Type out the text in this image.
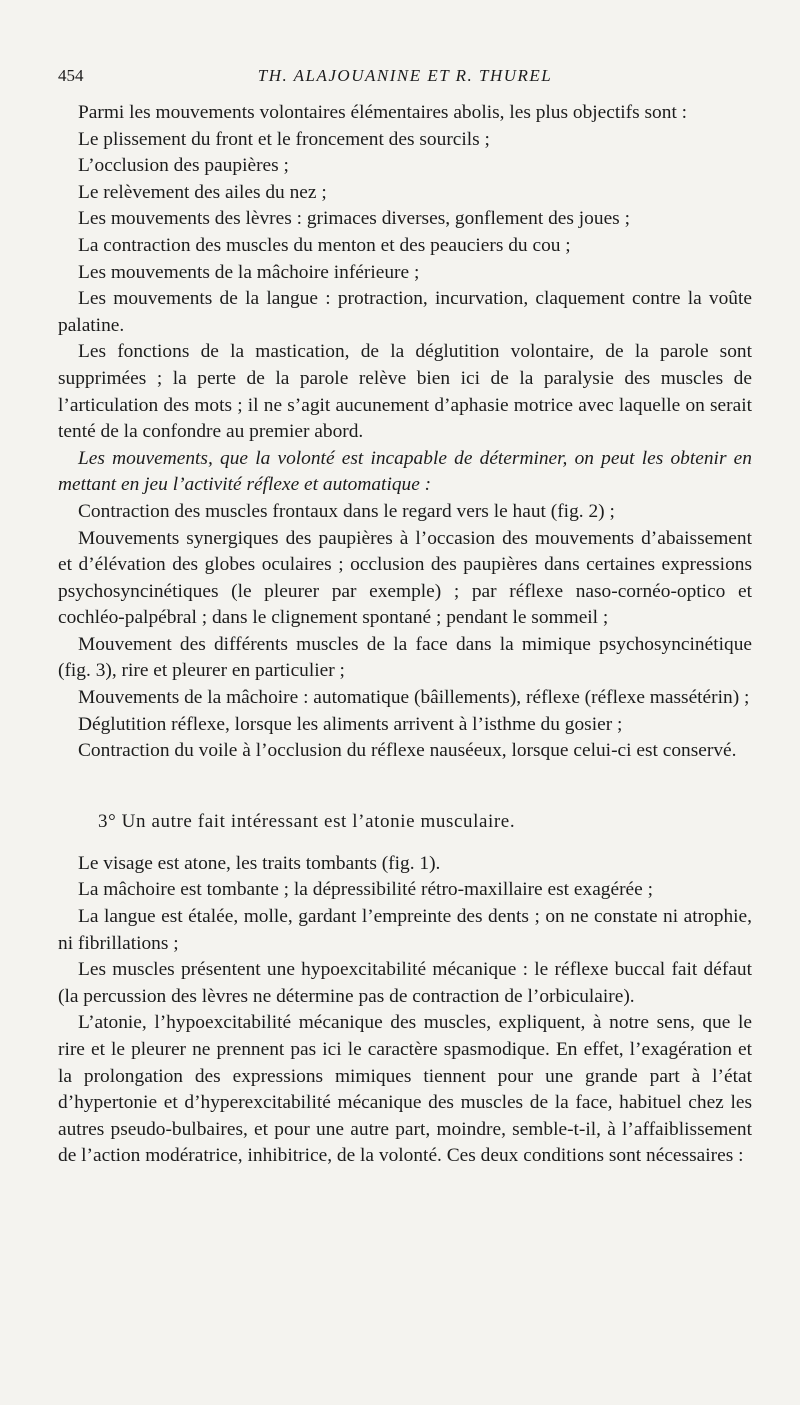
454	TH. ALAJOUANINE ET R. THUREL

Parmi les mouvements volontaires élémentaires abolis, les plus objectifs sont :

Le plissement du front et le froncement des sourcils ;

L’occlusion des paupières ;

Le relèvement des ailes du nez ;

Les mouvements des lèvres : grimaces diverses, gonflement des joues ;

La contraction des muscles du menton et des peauciers du cou ;

Les mouvements de la mâchoire inférieure ;

Les mouvements de la langue : protraction, incurvation, claquement contre la voûte palatine.

Les fonctions de la mastication, de la déglutition volontaire, de la parole sont supprimées ; la perte de la parole relève bien ici de la paralysie des muscles de l’articulation des mots ; il ne s’agit aucunement d’aphasie motrice avec laquelle on serait tenté de la confondre au premier abord.

Les mouvements, que la volonté est incapable de déterminer, on peut les obtenir en mettant en jeu l’activité réflexe et automatique :

Contraction des muscles frontaux dans le regard vers le haut (fig. 2) ;

Mouvements synergiques des paupières à l’occasion des mouvements d’abaissement et d’élévation des globes oculaires ; occlusion des paupières dans certaines expressions psychosyncinétiques (le pleurer par exemple) ; par réflexe naso-cornéo-optico et cochléo-palpébral ; dans le clignement spontané ; pendant le sommeil ;

Mouvement des différents muscles de la face dans la mimique psychosyncinétique (fig. 3), rire et pleurer en particulier ;

Mouvements de la mâchoire : automatique (bâillements), réflexe (réflexe massétérin) ;

Déglutition réflexe, lorsque les aliments arrivent à l’isthme du gosier ;

Contraction du voile à l’occlusion du réflexe nauséeux, lorsque celui-ci est conservé.

3° Un autre fait intéressant est l’atonie musculaire.

Le visage est atone, les traits tombants (fig. 1).

La mâchoire est tombante ; la dépressibilité rétro-maxillaire est exagérée ;

La langue est étalée, molle, gardant l’empreinte des dents ; on ne constate ni atrophie, ni fibrillations ;

Les muscles présentent une hypoexcitabilité mécanique : le réflexe buccal fait défaut (la percussion des lèvres ne détermine pas de contraction de l’orbiculaire).

L’atonie, l’hypoexcitabilité mécanique des muscles, expliquent, à notre sens, que le rire et le pleurer ne prennent pas ici le caractère spasmodique. En effet, l’exagération et la prolongation des expressions mimiques tiennent pour une grande part à l’état d’hypertonie et d’hyperexcitabilité mécanique des muscles de la face, habituel chez les autres pseudo-bulbaires, et pour une autre part, moindre, semble-t-il, à l’affaiblissement de l’action modératrice, inhibitrice, de la volonté. Ces deux conditions sont nécessaires :
